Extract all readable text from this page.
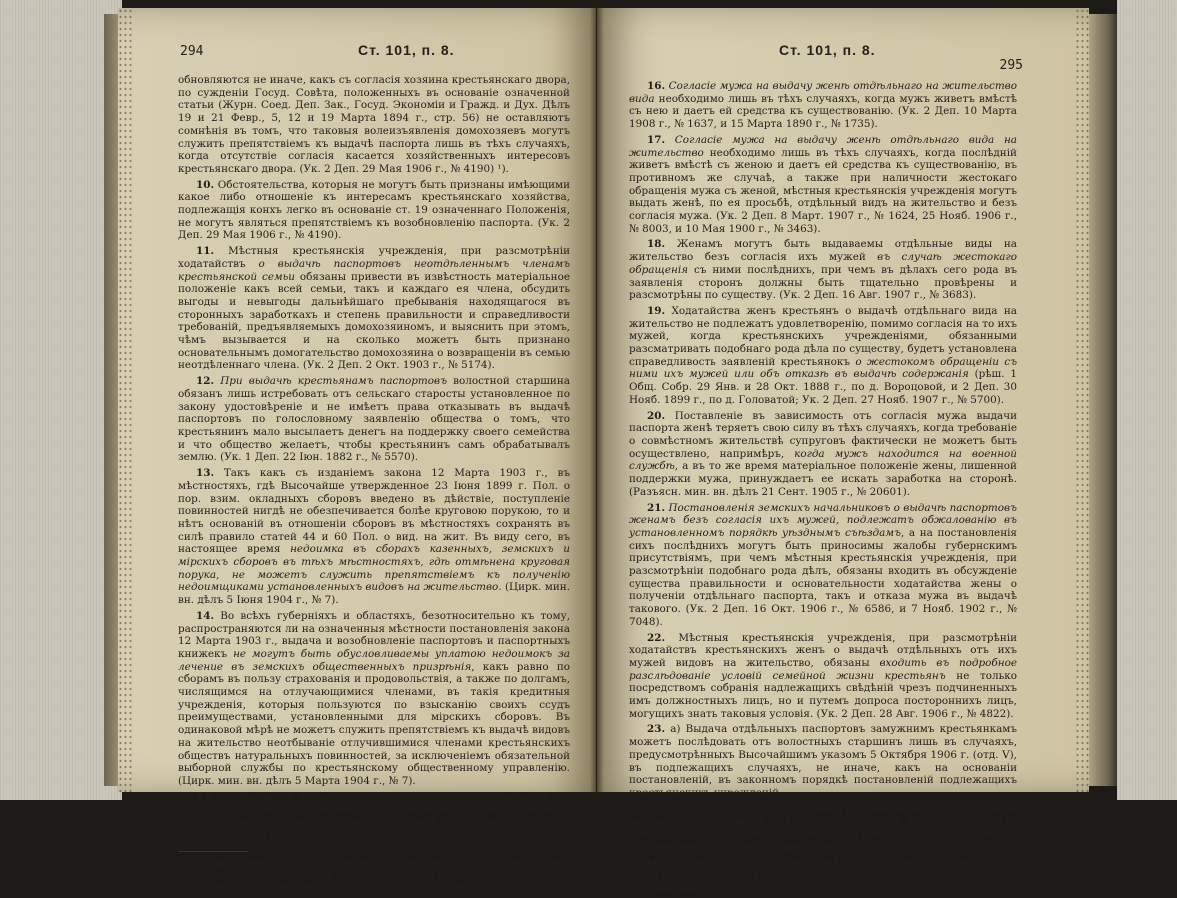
294	Ст. 101, п. 8.

обновляются не иначе, какъ съ согласія хозяина крестьянскаго двора, по сужденіи Госуд. Совѣта, положенныхъ въ основаніе означенной статьи (Журн. Соед. Деп. Зак., Госуд. Экономіи и Гражд. и Дух. Дѣлъ 19 и 21 Февр., 5, 12 и 19 Марта 1894 г., стр. 56) не оставляютъ сомнѣнія въ томъ, что таковыя волеизъявленія домохозяевъ могутъ служить препятствіемъ къ выдачѣ паспорта лишь въ тѣхъ случаяхъ, когда отсутствіе согласія касается хозяйственныхъ интересовъ крестьянскаго двора. (Ук. 2 Деп. 29 Мая 1906 г., № 4190) ¹).

10. Обстоятельства, которыя не могутъ быть признаны имѣющими какое либо отношеніе къ интересамъ крестьянскаго хозяйства, подлежащія конхъ легко въ основаніе ст. 19 означеннаго Положенія, не могутъ являться препятствіемъ къ возобновленію паспорта. (Ук. 2 Деп. 29 Мая 1906 г., № 4190).

11. Мѣстныя крестьянскія учрежденія, при разсмотрѣніи ходатайствъ о выдачѣ паспортовъ неотдѣленнымъ членамъ крестьянской семьи обязаны привести въ извѣстность матеріальное положеніе какъ всей семьи, такъ и каждаго ея члена, обсудить выгоды и невыгоды дальнѣйшаго пребыванія находящагося въ сторонныхъ заработкахъ и степень правильности и справедливости требованій, предъявляемыхъ домохозяиномъ, и выяснить при этомъ, чѣмъ вызывается и на сколько можетъ быть признано основательнымъ домогательство домохозяина о возвращеніи въ семью неотдѣленнаго члена. (Ук. 2 Деп. 2 Окт. 1903 г., № 5174).

12. При выдачѣ крестьянамъ паспортовъ волостной старшина обязанъ лишь истребовать отъ сельскаго старосты установленное по закону удостовѣреніе и не имѣетъ права отказывать въ выдачѣ паспортовъ по голословному заявленію общества о томъ, что крестьянинъ мало высылаетъ денегъ на поддержку своего семейства и что общество желаетъ, чтобы крестьянинъ самъ обрабатывалъ землю. (Ук. 1 Деп. 22 Іюн. 1882 г., № 5570).

13. Такъ какъ съ изданіемъ закона 12 Марта 1903 г., въ мѣстностяхъ, гдѣ Высочайше утвержденное 23 Іюня 1899 г. Пол. о пор. взим. окладныхъ сборовъ введено въ дѣйствіе, поступленіе повинностей нигдѣ не обезпечивается болѣе круговою порукою, то и нѣтъ основаній въ отношеніи сборовъ въ мѣстностяхъ сохранять въ силѣ правило статей 44 и 60 Пол. о вид. на жит. Въ виду сего, въ настоящее время недоимка въ сборахъ казенныхъ, земскихъ и мірскихъ сборовъ въ тѣхъ мѣстностяхъ, гдѣ отмѣнена круговая порука, не можетъ служить препятствіемъ къ полученію недоимщиками установленныхъ видовъ на жительство. (Цирк. мин. вн. дѣлъ 5 Іюня 1904 г., № 7).

14. Во всѣхъ губерніяхъ и областяхъ, безотносительно къ тому, распространяются ли на означенныя мѣстности постановленія закона 12 Марта 1903 г., выдача и возобновленіе паспортовъ и паспортныхъ книжекъ не могутъ быть обусловливаемы уплатою недоимокъ за лечение въ земскихъ общественныхъ призрѣнія, какъ равно по сборамъ въ пользу страхованія и продовольствія, а также по долгамъ, числящимся на отлучающимися членами, въ такія кредитныя учрежденія, которыя пользуются по взысканію своихъ ссудъ преимуществами, установленными для мірскихъ сборовъ. Въ одинаковой мѣрѣ не можетъ служить препятствіемъ къ выдачѣ видовъ на жительство неотбываніе отлучившимися членами крестьянскихъ обществъ натуральныхъ повинностей, за исключеніемъ обязательной выборной службы по крестьянскому общественному управленію. (Цирк. мин. вн. дѣлъ 5 Марта 1904 г., № 7).

15. Отмѣненныя до выдачи паспортовъ женамъ узаконенія не относятся къ числу отмѣненныхъ Высочайшимъ указомъ 5 Октября 1906 г. ограничительныхъ правилъ о выдачѣ паспортовъ сельскимъ обывателямъ. (Ук. 2 Деп. 16 Авг. 1907 г., № 3683).

¹) Примѣчаніе составителя. Ограничительныя правила о паспортахъ лицъ бывшихъ податныхъ состояній отмѣнены ук. 5 Октября 1906 г. объ отмѣнѣ нѣкоторыхъ ограниченій въ правахъ сельскихъ обывателей.

Ст. 101, п. 8.
295

16. Согласіе мужа на выдачу женѣ отдѣльнаго на жительство вида необходимо лишь въ тѣхъ случаяхъ, когда мужъ живетъ вмѣстѣ съ нею и даетъ ей средства къ существованію. (Ук. 2 Деп. 10 Марта 1908 г., № 1637, и 15 Марта 1890 г., № 1735).

17. Согласіе мужа на выдачу женѣ отдѣльнаго вида на жительство необходимо лишь въ тѣхъ случаяхъ, когда послѣдній живетъ вмѣстѣ съ женою и даетъ ей средства къ существованію, въ противномъ же случаѣ, а также при наличности жестокаго обращенія мужа съ женой, мѣстныя крестьянскія учрежденія могутъ выдать женѣ, по ея просьбѣ, отдѣльный видъ на жительство и безъ согласія мужа. (Ук. 2 Деп. 8 Март. 1907 г., № 1624, 25 Нояб. 1906 г., № 8003, и 10 Мая 1900 г., № 3463).

18. Женамъ могутъ быть выдаваемы отдѣльные виды на жительство безъ согласія ихъ мужей въ случаѣ жестокаго обращенія съ ними послѣднихъ, при чемъ въ дѣлахъ сего рода въ заявленія сторонъ должны быть тщательно провѣрены и разсмотрѣны по существу. (Ук. 2 Деп. 16 Авг. 1907 г., № 3683).

19. Ходатайства женъ крестьянъ о выдачѣ отдѣльнаго вида на жительство не подлежатъ удовлетворенію, помимо согласія на то ихъ мужей, когда крестьянскихъ учрежденіями, обязанными разсматривать подобнаго рода дѣла по существу, будетъ установлена справедливость заявленій крестьянокъ о жестокомъ обращеніи съ ними ихъ мужей или объ отказѣ въ выдачѣ содержанія (рѣш. 1 Общ. Собр. 29 Янв. и 28 Окт. 1888 г., по д. Вороцовой, и 2 Деп. 30 Нояб. 1899 г., по д. Головатой; Ук. 2 Деп. 27 Нояб. 1907 г., № 5700).

20. Поставленіе въ зависимость отъ согласія мужа выдачи паспорта женѣ теряетъ свою силу въ тѣхъ случаяхъ, когда требованіе о совмѣстномъ жительствѣ супруговъ фактически не можетъ быть осуществлено, напримѣръ, когда мужъ находится на военной службѣ, а въ то же время матеріальное положеніе жены, лишенной поддержки мужа, принуждаетъ ее искать заработка на сторонѣ. (Разъясн. мин. вн. дѣлъ 21 Сент. 1905 г., № 20601).

21. Постановленія земскихъ начальниковъ о выдачѣ паспортовъ женамъ безъ согласія ихъ мужей, подлежатъ обжалованію въ установленномъ порядкѣ уѣзднымъ съѣздамъ, а на постановленія сихъ послѣднихъ могутъ быть приносимы жалобы губернскимъ присутствіямъ, при чемъ мѣстныя крестьянскія учрежденія, при разсмотрѣніи подобнаго рода дѣлъ, обязаны входить въ обсужденіе существа правильности и основательности ходатайства жены о полученіи отдѣльнаго паспорта, такъ и отказа мужа въ выдачѣ такового. (Ук. 2 Деп. 16 Окт. 1906 г., № 6586, и 7 Нояб. 1902 г., № 7048).

22. Мѣстныя крестьянскія учрежденія, при разсмотрѣніи ходатайствъ крестьянскихъ женъ о выдачѣ отдѣльныхъ отъ ихъ мужей видовъ на жительство, обязаны входить въ подробное разслѣдованіе условій семейной жизни крестьянъ не только посредствомъ собранія надлежащихъ свѣдѣній чрезъ подчиненныхъ имъ должностныхъ лицъ, но и путемъ допроса постороннихъ лицъ, могущихъ знать таковыя условія. (Ук. 2 Деп. 28 Авг. 1906 г., № 4822).

23. а) Выдача отдѣльныхъ паспортовъ замужнимъ крестьянкамъ можетъ послѣдовать отъ волостныхъ старшинъ лишь въ случаяхъ, предусмотрѣнныхъ Высочайшимъ указомъ 5 Октября 1906 г. (отд. V), въ подлежащихъ случаяхъ, не иначе, какъ на основаніи постановленій, въ законномъ порядкѣ постановленій подлежащихъ крестьянскихъ учрежденій.

б) Ст. 29 Уст. Пасп. подлежитъ примѣненію въ отношеніи замужнихъ крестьянокъ на тѣхъ же основаніяхъ, въ отношеніи всѣхъ прочихъ лицъ, статьею этой предусмотрѣнныхъ, въ соотвѣтствіи съ разъясненіями настоящаго циркуляра.

в) Въ отношеніи лицъ, проживающихъ въ предѣлахъ волости и подвѣдомственныхъ крестьянскому общественному управленію, разъясненія
